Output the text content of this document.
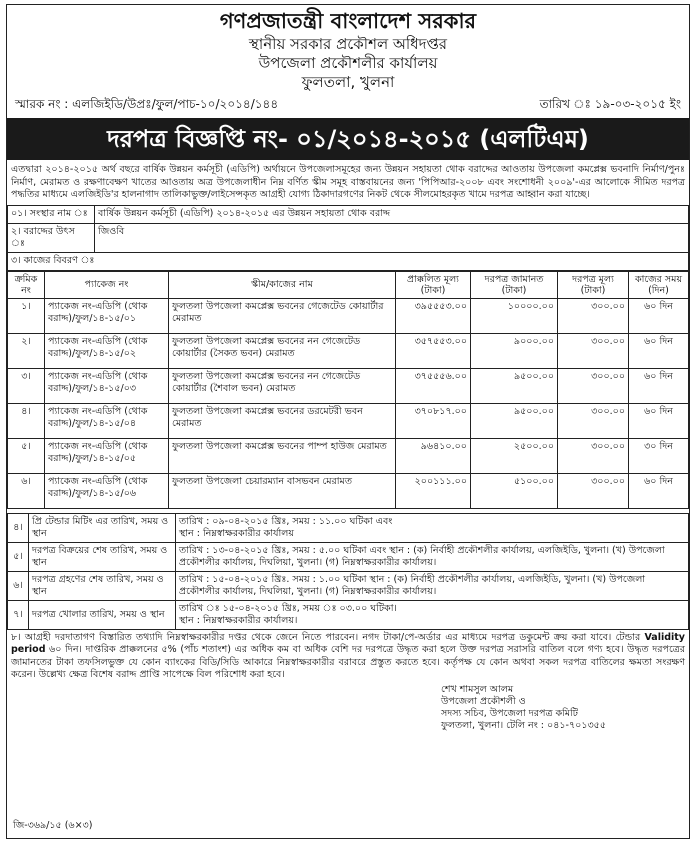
গণপ্রজাতন্ত্রী বাংলাদেশ সরকার
স্থানীয় সরকার প্রকৌশল অধিদপ্তর
উপজেলা প্রকৌশলীর কার্যালয়
ফুলতলা, খুলনা
স্মারক নং : এলজিইডি/উপ্রঃ/ফুল/পাচ-১০/২০১৪/১৪৪	তারিখ ঃ ১৯-০৩-২০১৫ ইং
দরপত্র বিজ্ঞপ্তি নং- ০১/২০১৪-২০১৫ (এলটিএম)
এতদ্বারা ২০১৪-২০১৫ অর্থ বছরে বার্ষিক উন্নয়ন কর্মসূচী (এডিপি) অর্থায়নে উপজেলাসমূহের জন্য উন্নয়ন সহায়তা থোক বরাদ্দের আওতায় উপজেলা কমপ্লেক্স ভবনাদি নির্মাণ/পুনঃ নির্মাণ, মেরামত ও রক্ষণাবেক্ষণ খাতের আওতায় অত্র উপজেলাধীন নিম্ন বর্ণিত স্কীম সমূহ বাস্তবায়নের জন্য 'পিপিআর-২০০৮ এবং সংশোধনী ২০০৯'-এর আলোকে সীমিত দরপত্র পদ্ধতির মাধ্যমে এলজিইডি'র হালনাগাদ তালিকাভুক্ত/লাইসেন্সকৃত আগ্রহী যোগ্য ঠিকাদারগণের নিকট থেকে সীলমোহরকৃত খামে দরপত্র আহ্বান করা যাচ্ছে।
০১। সংস্থার নাম ঃ	বার্ষিক উন্নয়ন কর্মসূচী (এডিপি) ২০১৪-২০১৫ এর উন্নয়ন সহায়তা থোক বরাদ্দ
২। বরাদ্দের উৎস ঃ	জিওবি
৩। কাজের বিবরণ ঃ	
ক্রমিক নং	প্যাকেজ নং	স্কীম/কাজের নাম	প্রাক্কলিত মূল্য (টাকা)	দরপত্র জামানত (টাকা)	দরপত্র মূল্য (টাকা)	কাজের সময় (দিন)
১।	প্যাকেজ নং-এডিপি (থোক বরাদ্দ)/ফুল/১৪-১৫/০১	ফুলতলা উপজেলা কমপ্লেক্স ভবনের গেজেটেড কোয়ার্টার মেরামত	৩৯৫৫৫৩.০০	১০০০০.০০	৩০০.০০	৬০ দিন
২।	প্যাকেজ নং-এডিপি (থোক বরাদ্দ)/ফুল/১৪-১৫/০২	ফুলতলা উপজেলা কমপ্লেক্স ভবনের নন গেজেটেড কোয়ার্টার (সৈকত ভবন) মেরামত	৩৫৭৫৫৩.০০	৯০০০.০০	৩০০.০০	৬০ দিন
৩।	প্যাকেজ নং-এডিপি (থোক বরাদ্দ)/ফুল/১৪-১৫/০৩	ফুলতলা উপজেলা কমপ্লেক্স ভবনের নন গেজেটেড কোয়ার্টার (শৈবাল ভবন) মেরামত	৩৭৫৫৫৬.০০	৯৫০০.০০	৩০০.০০	৬০ দিন
৪।	প্যাকেজ নং-এডিপি (থোক বরাদ্দ)/ফুল/১৪-১৫/০৪	ফুলতলা উপজেলা কমপ্লেক্স ভবনের ডরমেটরী ভবন মেরামত	৩৭০৮১৭.০০	৯৫০০.০০	৩০০.০০	৬০ দিন
৫।	প্যাকেজ নং-এডিপি (থোক বরাদ্দ)/ফুল/১৪-১৫/০৫	ফুলতলা উপজেলা কমপ্লেক্স ভবনের পাম্প হাউজ মেরামত	৯৬৪১০.০০	২৫০০.০০	৩০০.০০	৩০ দিন
৬।	প্যাকেজ নং-এডিপি (থোক বরাদ্দ)/ফুল/১৪-১৫/০৬	ফুলতলা উপজেলা চেয়ারম্যান বাসভবন মেরামত	২০০১১১.০০	৫১০০.০০	৩০০.০০	৬০ দিন
৪।	প্রি টেন্ডার মিটিং এর তারিখ, সময় ও স্থান	তারিখ : ০৯-০৪-২০১৫ খ্রিঃ, সময় : ১১.০০ ঘটিকা এবং
স্থান : নিম্নস্বাক্ষরকারীর কার্যালয়

৫।	দরপত্র বিক্রয়ের শেষ তারিখ, সময় ও স্থান	তারিখ : ১৩-০৪-২০১৫ খ্রিঃ, সময় : ৫.০০ ঘটিকা এবং স্থান : (ক) নির্বাহী প্রকৌশলীর কার্যালয়, এলজিইডি, খুলনা। (খ) উপজেলা প্রকৌশলীর কার্যালয়, দিঘলিয়া, খুলনা। (গ) নিম্নস্বাক্ষরকারীর কার্যালয়।

৬।	দরপত্র গ্রহণের শেষ তারিখ, সময় ও স্থান	তারিখ : ১৫-০৪-২০১৫ খ্রিঃ. সময় : ১.০০ ঘটিকা স্থান : (ক) নির্বাহী প্রকৌশলীর কার্যালয়, এলজিইডি, খুলনা। (খ) উপজেলা প্রকৌশলীর কার্যালয়, দিঘলিয়া, খুলনা। (গ) নিম্নস্বাক্ষরকারীর কার্যালয়।

৭।	দরপত্র খোলার তারিখ, সময় ও স্থান	তারিখ ঃ ১৫-০৪-২০১৫ খ্রিঃ, সময় ঃ ০৩.০০ ঘটিকা।
স্থান : নিম্নস্বাক্ষরকারীর কার্যালয়।
৮। আগ্রহী দরদাতাগণ বিস্তারিত তথ্যাদি নিম্নস্বাক্ষরকারীর দপ্তর থেকে জেনে নিতে পারবেন। নগদ টাকা/পে-অর্ডার এর মাধ্যমে দরপত্র ডকুমেন্ট ক্রয় করা যাবে। টেন্ডার Validity period ৬০ দিন। দাপ্তরিক প্রাক্কলনের ৫% (পাঁচ শতাংশ) এর অধিক কম বা অধিক বেশি দর দরপত্রে উদ্ধৃত করা হলে উক্ত দরপত্র সরাসরি বাতিল বলে গণ্য হবে। উদ্ধৃত দরপত্রের জামানতের টাকা তফসিলভুক্ত যে কোন ব্যাংকের বিডি/সিডি আকারে নিম্নস্বাক্ষরকারীর বরাবরে প্রস্তুত করতে হবে। কর্তৃপক্ষ যে কোন অথবা সকল দরপত্র বাতিলের ক্ষমতা সংরক্ষণ করেন। উল্লেখ্য ক্ষেত্র বিশেষ বরাদ্দ প্রাপ্তি সাপেক্ষে বিল পরিশোধ করা হবে।
শেখ শামসুল আলম
উপজেলা প্রকৌশলী ও
সদস্য সচিব, উপজেলা দরপত্র কমিটি
ফুলতলা, খুলনা। টেলি নং : ০৪১-৭০১৩৫৫
জি-৩৬৯/১৫ (৬×৩)
